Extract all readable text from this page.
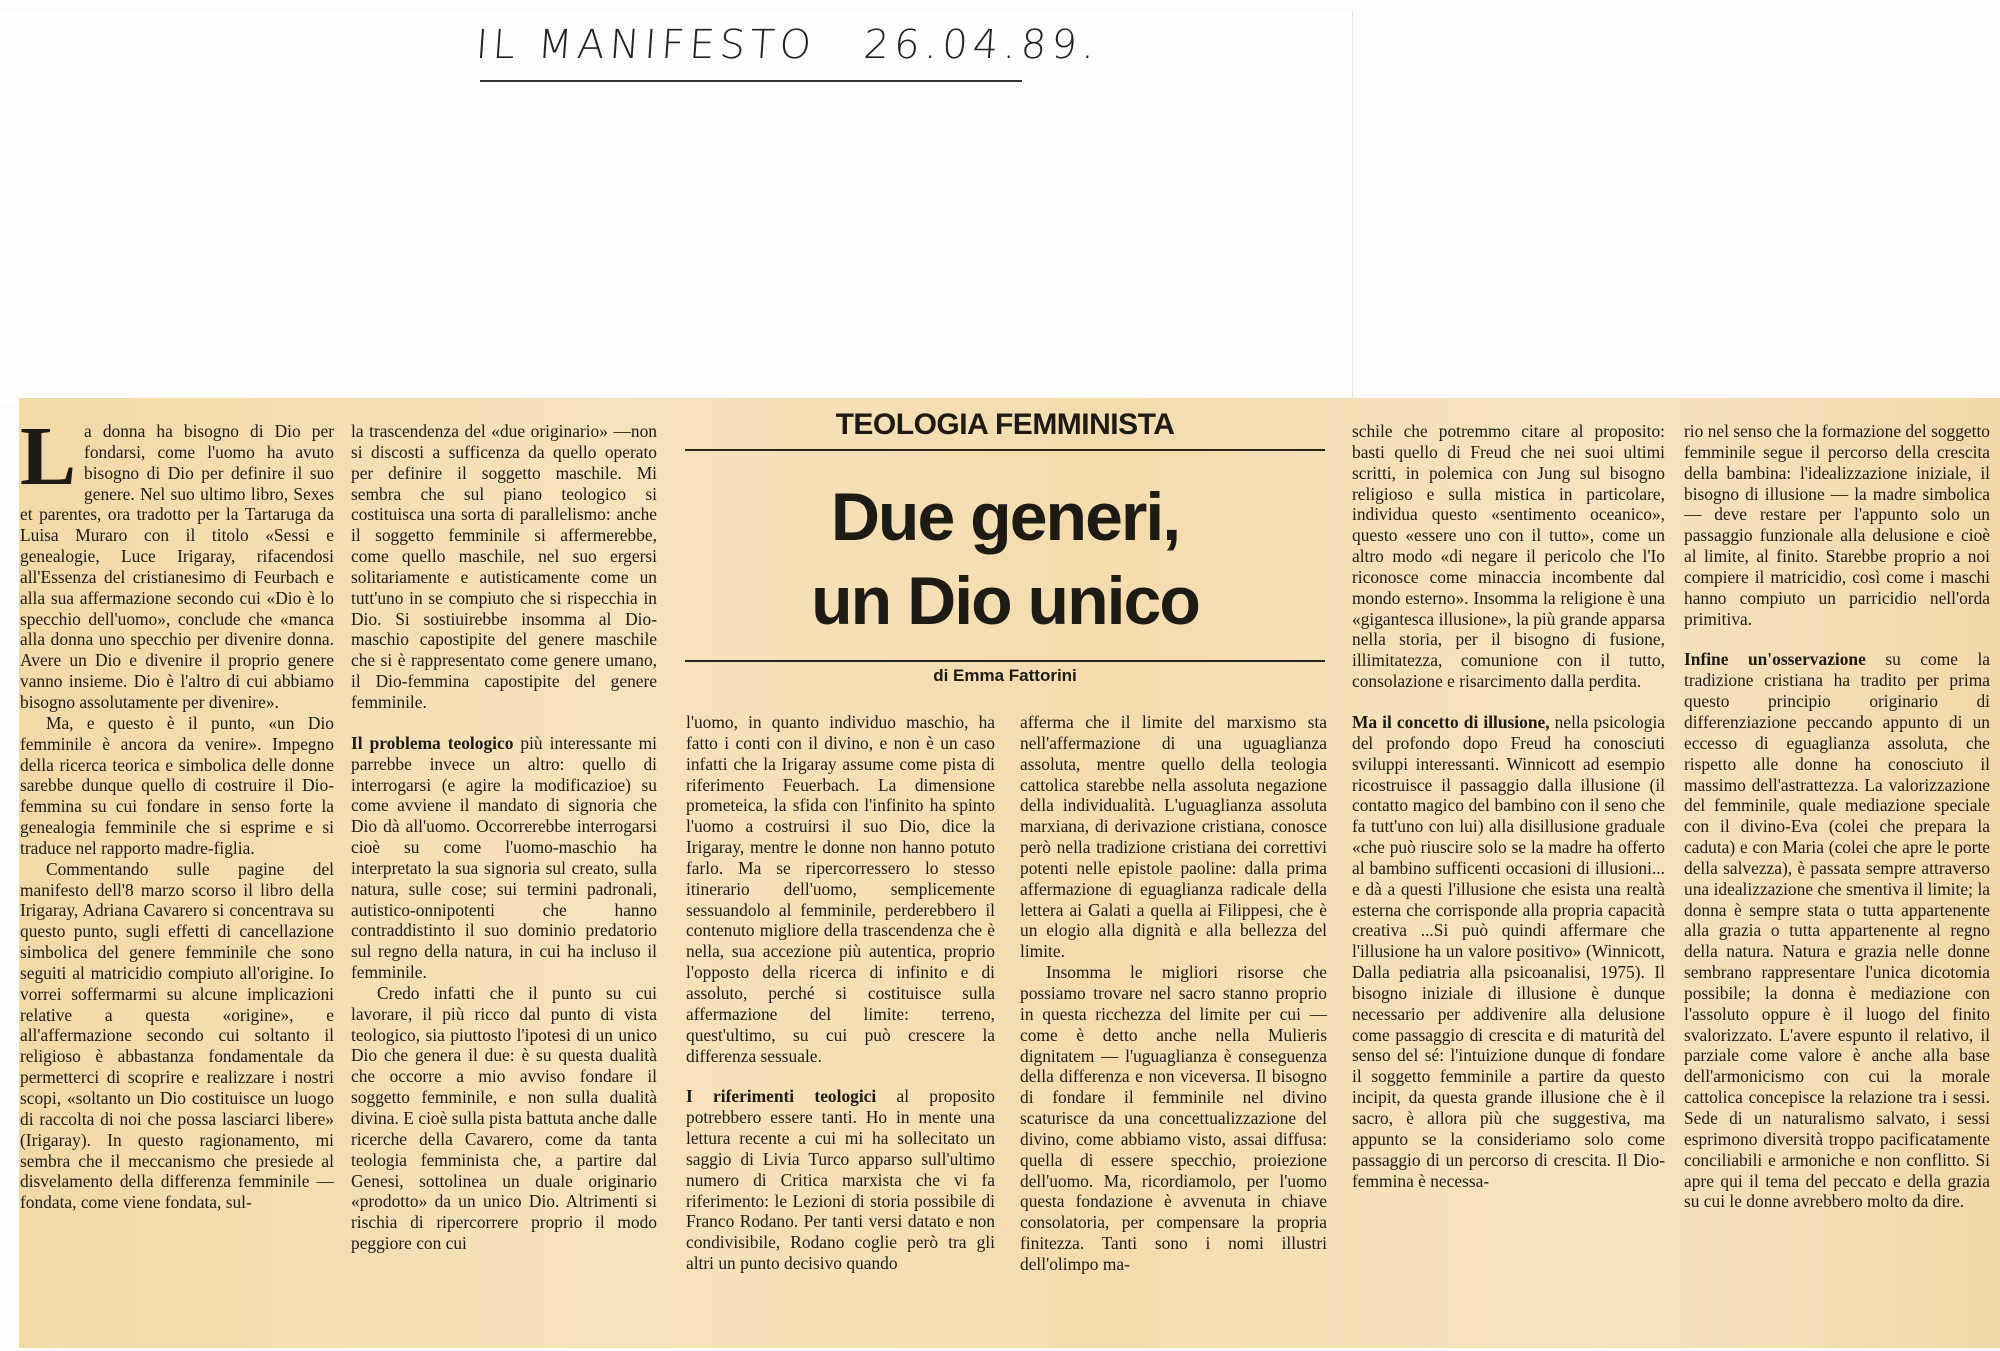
IL MANIFESTO 26.04.89.
L a donna ha bisogno di Dio per fondarsi, come l'uomo ha avuto bisogno di Dio per definire il suo genere. Nel suo ultimo libro, Sexes et parentes, ora tradotto per la Tartaruga da Luisa Muraro con il titolo «Sessi e genealogie, Luce Irigaray, rifacendosi all'Essenza del cristianesimo di Feurbach e alla sua affermazione secondo cui «Dio è lo specchio dell'uomo», conclude che «manca alla donna uno specchio per divenire donna. Avere un Dio e divenire il proprio genere vanno insieme. Dio è l'altro di cui abbiamo bisogno assolutamente per divenire».

Ma, e questo è il punto, «un Dio femminile è ancora da venire». Impegno della ricerca teorica e simbolica delle donne sarebbe dunque quello di costruire il Dio-femmina su cui fondare in senso forte la genealogia femminile che si esprime e si traduce nel rapporto madre-figlia.

Commentando sulle pagine del manifesto dell'8 marzo scorso il libro della Irigaray, Adriana Cavarero si concentrava su questo punto, sugli effetti di cancellazione simbolica del genere femminile che sono seguiti al matricidio compiuto all'origine. Io vorrei soffermarmi su alcune implicazioni relative a questa «origine», e all'affermazione secondo cui soltanto il religioso è abbastanza fondamentale da permetterci di scoprire e realizzare i nostri scopi, «soltanto un Dio costituisce un luogo di raccolta di noi che possa lasciarci libere» (Irigaray). In questo ragionamento, mi sembra che il meccanismo che presiede al disvelamento della differenza femminile — fondata, come viene fondata, sul-

la trascendenza del «due originario» —non si discosti a sufficenza da quello operato per definire il soggetto maschile. Mi sembra che sul piano teologico si costituisca una sorta di parallelismo: anche il soggetto femminile si affermerebbe, come quello maschile, nel suo ergersi solitariamente e autisticamente come un tutt'uno in se compiuto che si rispecchia in Dio. Si sostiuirebbe insomma al Dio-maschio capostipite del genere maschile che si è rappresentato come genere umano, il Dio-femmina capostipite del genere femminile.

Il problema teologico più interessante mi parrebbe invece un altro: quello di interrogarsi (e agire la modificazioe) su come avviene il mandato di signoria che Dio dà all'uomo. Occorrerebbe interrogarsi cioè su come l'uomo-maschio ha interpretato la sua signoria sul creato, sulla natura, sulle cose; sui termini padronali, autistico-onnipotenti che hanno contraddistinto il suo dominio predatorio sul regno della natura, in cui ha incluso il femminile.

Credo infatti che il punto su cui lavorare, il più ricco dal punto di vista teologico, sia piuttosto l'ipotesi di un unico Dio che genera il due: è su questa dualità che occorre a mio avviso fondare il soggetto femminile, e non sulla dualità divina. E cioè sulla pista battuta anche dalle ricerche della Cavarero, come da tanta teologia femminista che, a partire dal Genesi, sottolinea un duale originario «prodotto» da un unico Dio. Altrimenti si rischia di ripercorrere proprio il modo peggiore con cui

TEOLOGIA FEMMINISTA
Due generi,
un Dio unico
di Emma Fattorini

l'uomo, in quanto individuo maschio, ha fatto i conti con il divino, e non è un caso infatti che la Irigaray assume come pista di riferimento Feuerbach. La dimensione prometeica, la sfida con l'infinito ha spinto l'uomo a costruirsi il suo Dio, dice la Irigaray, mentre le donne non hanno potuto farlo. Ma se ripercorressero lo stesso itinerario dell'uomo, semplicemente sessuandolo al femminile, perderebbero il contenuto migliore della trascendenza che è nella, sua accezione più autentica, proprio l'opposto della ricerca di infinito e di assoluto, perché si costituisce sulla affermazione del limite: terreno, quest'ultimo, su cui può crescere la differenza sessuale.

I riferimenti teologici al proposito potrebbero essere tanti. Ho in mente una lettura recente a cui mi ha sollecitato un saggio di Livia Turco apparso sull'ultimo numero di Critica marxista che vi fa riferimento: le Lezioni di storia possibile di Franco Rodano. Per tanti versi datato e non condivisibile, Rodano coglie però tra gli altri un punto decisivo quando

afferma che il limite del marxismo sta nell'affermazione di una uguaglianza assoluta, mentre quello della teologia cattolica starebbe nella assoluta negazione della individualità. L'uguaglianza assoluta marxiana, di derivazione cristiana, conosce però nella tradizione cristiana dei correttivi potenti nelle epistole paoline: dalla prima affermazione di eguaglianza radicale della lettera ai Galati a quella ai Filippesi, che è un elogio alla dignità e alla bellezza del limite.

Insomma le migliori risorse che possiamo trovare nel sacro stanno proprio in questa ricchezza del limite per cui — come è detto anche nella Mulieris dignitatem — l'uguaglianza è conseguenza della differenza e non viceversa. Il bisogno di fondare il femminile nel divino scaturisce da una concettualizzazione del divino, come abbiamo visto, assai diffusa: quella di essere specchio, proiezione dell'uomo. Ma, ricordiamolo, per l'uomo questa fondazione è avvenuta in chiave consolatoria, per compensare la propria finitezza. Tanti sono i nomi illustri dell'olimpo ma-

schile che potremmo citare al proposito: basti quello di Freud che nei suoi ultimi scritti, in polemica con Jung sul bisogno religioso e sulla mistica in particolare, individua questo «sentimento oceanico», questo «essere uno con il tutto», come un altro modo «di negare il pericolo che l'Io riconosce come minaccia incombente dal mondo esterno». Insomma la religione è una «gigantesca illusione», la più grande apparsa nella storia, per il bisogno di fusione, illimitatezza, comunione con il tutto, consolazione e risarcimento dalla perdita.

Ma il concetto di illusione, nella psicologia del profondo dopo Freud ha conosciuti sviluppi interessanti. Winnicott ad esempio ricostruisce il passaggio dalla illusione (il contatto magico del bambino con il seno che fa tutt'uno con lui) alla disillusione graduale «che può riuscire solo se la madre ha offerto al bambino sufficenti occasioni di illusioni... e dà a questi l'illusione che esista una realtà esterna che corrisponde alla propria capacità creativa ...Si può quindi affermare che l'illusione ha un valore positivo» (Winnicott, Dalla pediatria alla psicoanalisi, 1975). Il bisogno iniziale di illusione è dunque necessario per addivenire alla delusione come passaggio di crescita e di maturità del senso del sé: l'intuizione dunque di fondare il soggetto femminile a partire da questo incipit, da questa grande illusione che è il sacro, è allora più che suggestiva, ma appunto se la consideriamo solo come passaggio di un percorso di crescita. Il Dio-femmina è necessa-

rio nel senso che la formazione del soggetto femminile segue il percorso della crescita della bambina: l'idealizzazione iniziale, il bisogno di illusione — la madre simbolica — deve restare per l'appunto solo un passaggio funzionale alla delusione e cioè al limite, al finito. Starebbe proprio a noi compiere il matricidio, così come i maschi hanno compiuto un parricidio nell'orda primitiva.

Infine un'osservazione su come la tradizione cristiana ha tradito per prima questo principio originario di differenziazione peccando appunto di un eccesso di eguaglianza assoluta, che rispetto alle donne ha conosciuto il massimo dell'astrattezza. La valorizzazione del femminile, quale mediazione speciale con il divino-Eva (colei che prepara la caduta) e con Maria (colei che apre le porte della salvezza), è passata sempre attraverso una idealizzazione che smentiva il limite; la donna è sempre stata o tutta appartenente alla grazia o tutta appartenente al regno della natura. Natura e grazia nelle donne sembrano rappresentare l'unica dicotomia possibile; la donna è mediazione con l'assoluto oppure è il luogo del finito svalorizzato. L'avere espunto il relativo, il parziale come valore è anche alla base dell'armonicismo con cui la morale cattolica concepisce la relazione tra i sessi. Sede di un naturalismo salvato, i sessi esprimono diversità troppo pacificatamente conciliabili e armoniche e non conflitto. Si apre qui il tema del peccato e della grazia su cui le donne avrebbero molto da dire.
